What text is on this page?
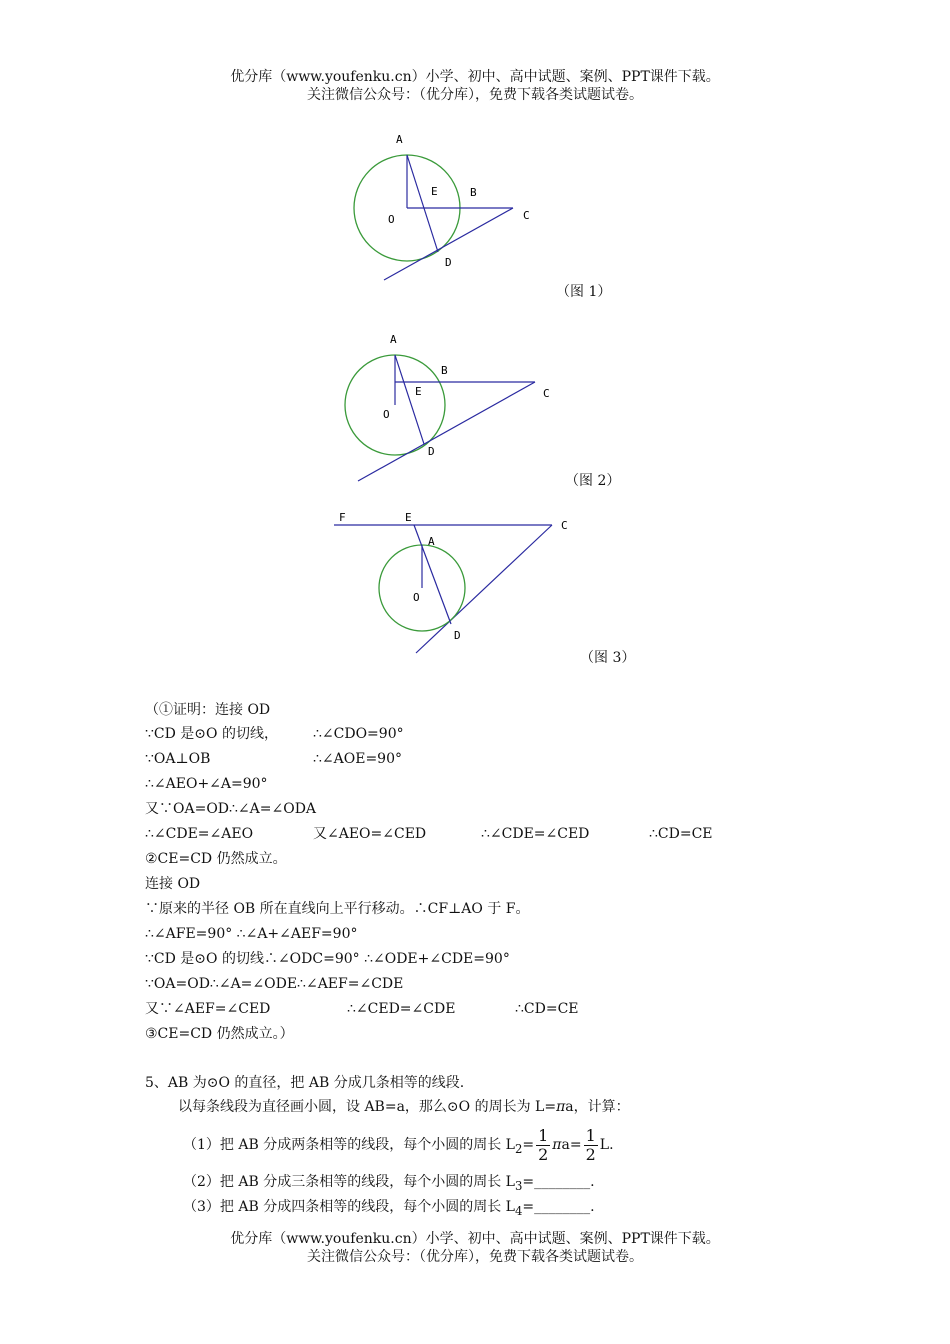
优分库（www.youfenku.cn）小学、初中、高中试题、案例、PPT课件下载。
关注微信公众号：（优分库），免费下载各类试题试卷。
A
E	B
O	C
D
（图 1）
A
B
E
O
C
D
（图 2）
F	E
C
A
O
D
（图 3）
（①证明：连接 OD
∵CD 是⊙O 的切线，	∴∠CDO=90°
∵OA⊥OB	∴∠AOE=90°
∴∠AEO+∠A=90°
又∵OA=OD∴∠A=∠ODA
∴∠CDE=∠AEO	又∠AEO=∠CED	∴∠CDE=∠CED	∴CD=CE
②CE=CD 仍然成立。
连接 OD
∵原来的半径 OB 所在直线向上平行移动。∴CF⊥AO 于 F。
∴∠AFE=90° ∴∠A+∠AEF=90°
∵CD 是⊙O 的切线∴∠ODC=90° ∴∠ODE+∠CDE=90°
∵OA=OD∴∠A=∠ODE∴∠AEF=∠CDE
又∵∠AEF=∠CED	∴∠CED=∠CDE	∴CD=CE
③CE=CD 仍然成立。）
5、AB 为⊙O 的直径，把 AB 分成几条相等的线段.
以每条线段为直径画小圆，设 AB=a，那么⊙O 的周长为 L=πa，计算：
（1）把 AB 分成两条相等的线段，每个小圆的周长 $L_2= \frac{1}{2} \pi a= \frac{1}{2} L$.
（2）把 AB 分成三条相等的线段，每个小圆的周长 $L_3=\_\_\_\_\_\_\_\_$.
（3）把 AB 分成四条相等的线段，每个小圆的周长 $L_4=\_\_\_\_\_\_\_\_$.
优分库（www.youfenku.cn）小学、初中、高中试题、案例、PPT课件下载。
关注微信公众号：（优分库），免费下载各类试题试卷。
